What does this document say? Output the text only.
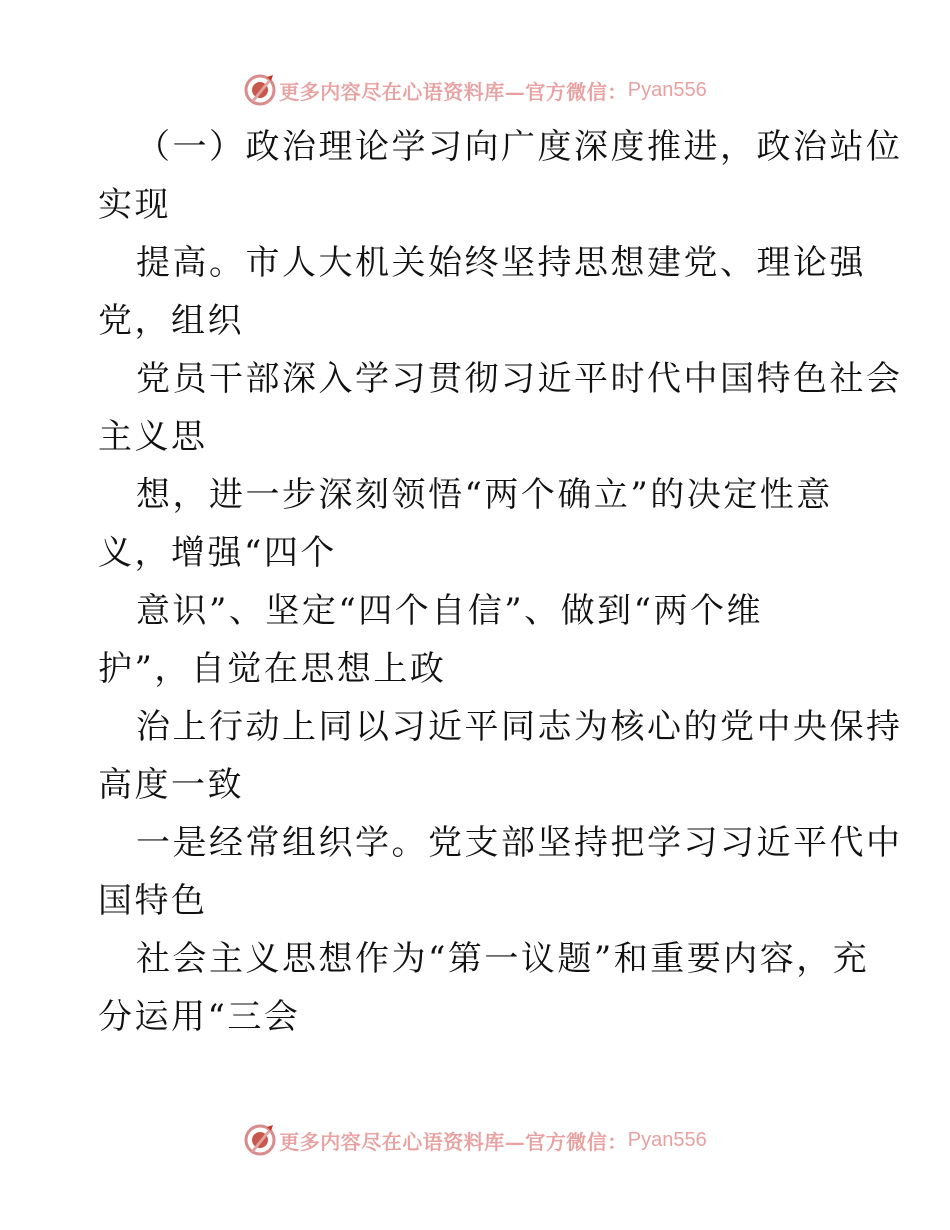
更多内容尽在心语资料库—官方微信： Pyan556
（一）政治理论学习向广度深度推进，政治站位
实现
提高。市人大机关始终坚持思想建党、理论强
党，组织
党员干部深入学习贯彻习近平时代中国特色社会
主义思
想，进一步深刻领悟“两个确立”的决定性意
义，增强“四个
意识”、坚定“四个自信”、做到“两个维
护”，自觉在思想上政
治上行动上同以习近平同志为核心的党中央保持
高度一致
一是经常组织学。党支部坚持把学习习近平代中
国特色
社会主义思想作为“第一议题”和重要内容，充
分运用“三会
更多内容尽在心语资料库—官方微信： Pyan556
